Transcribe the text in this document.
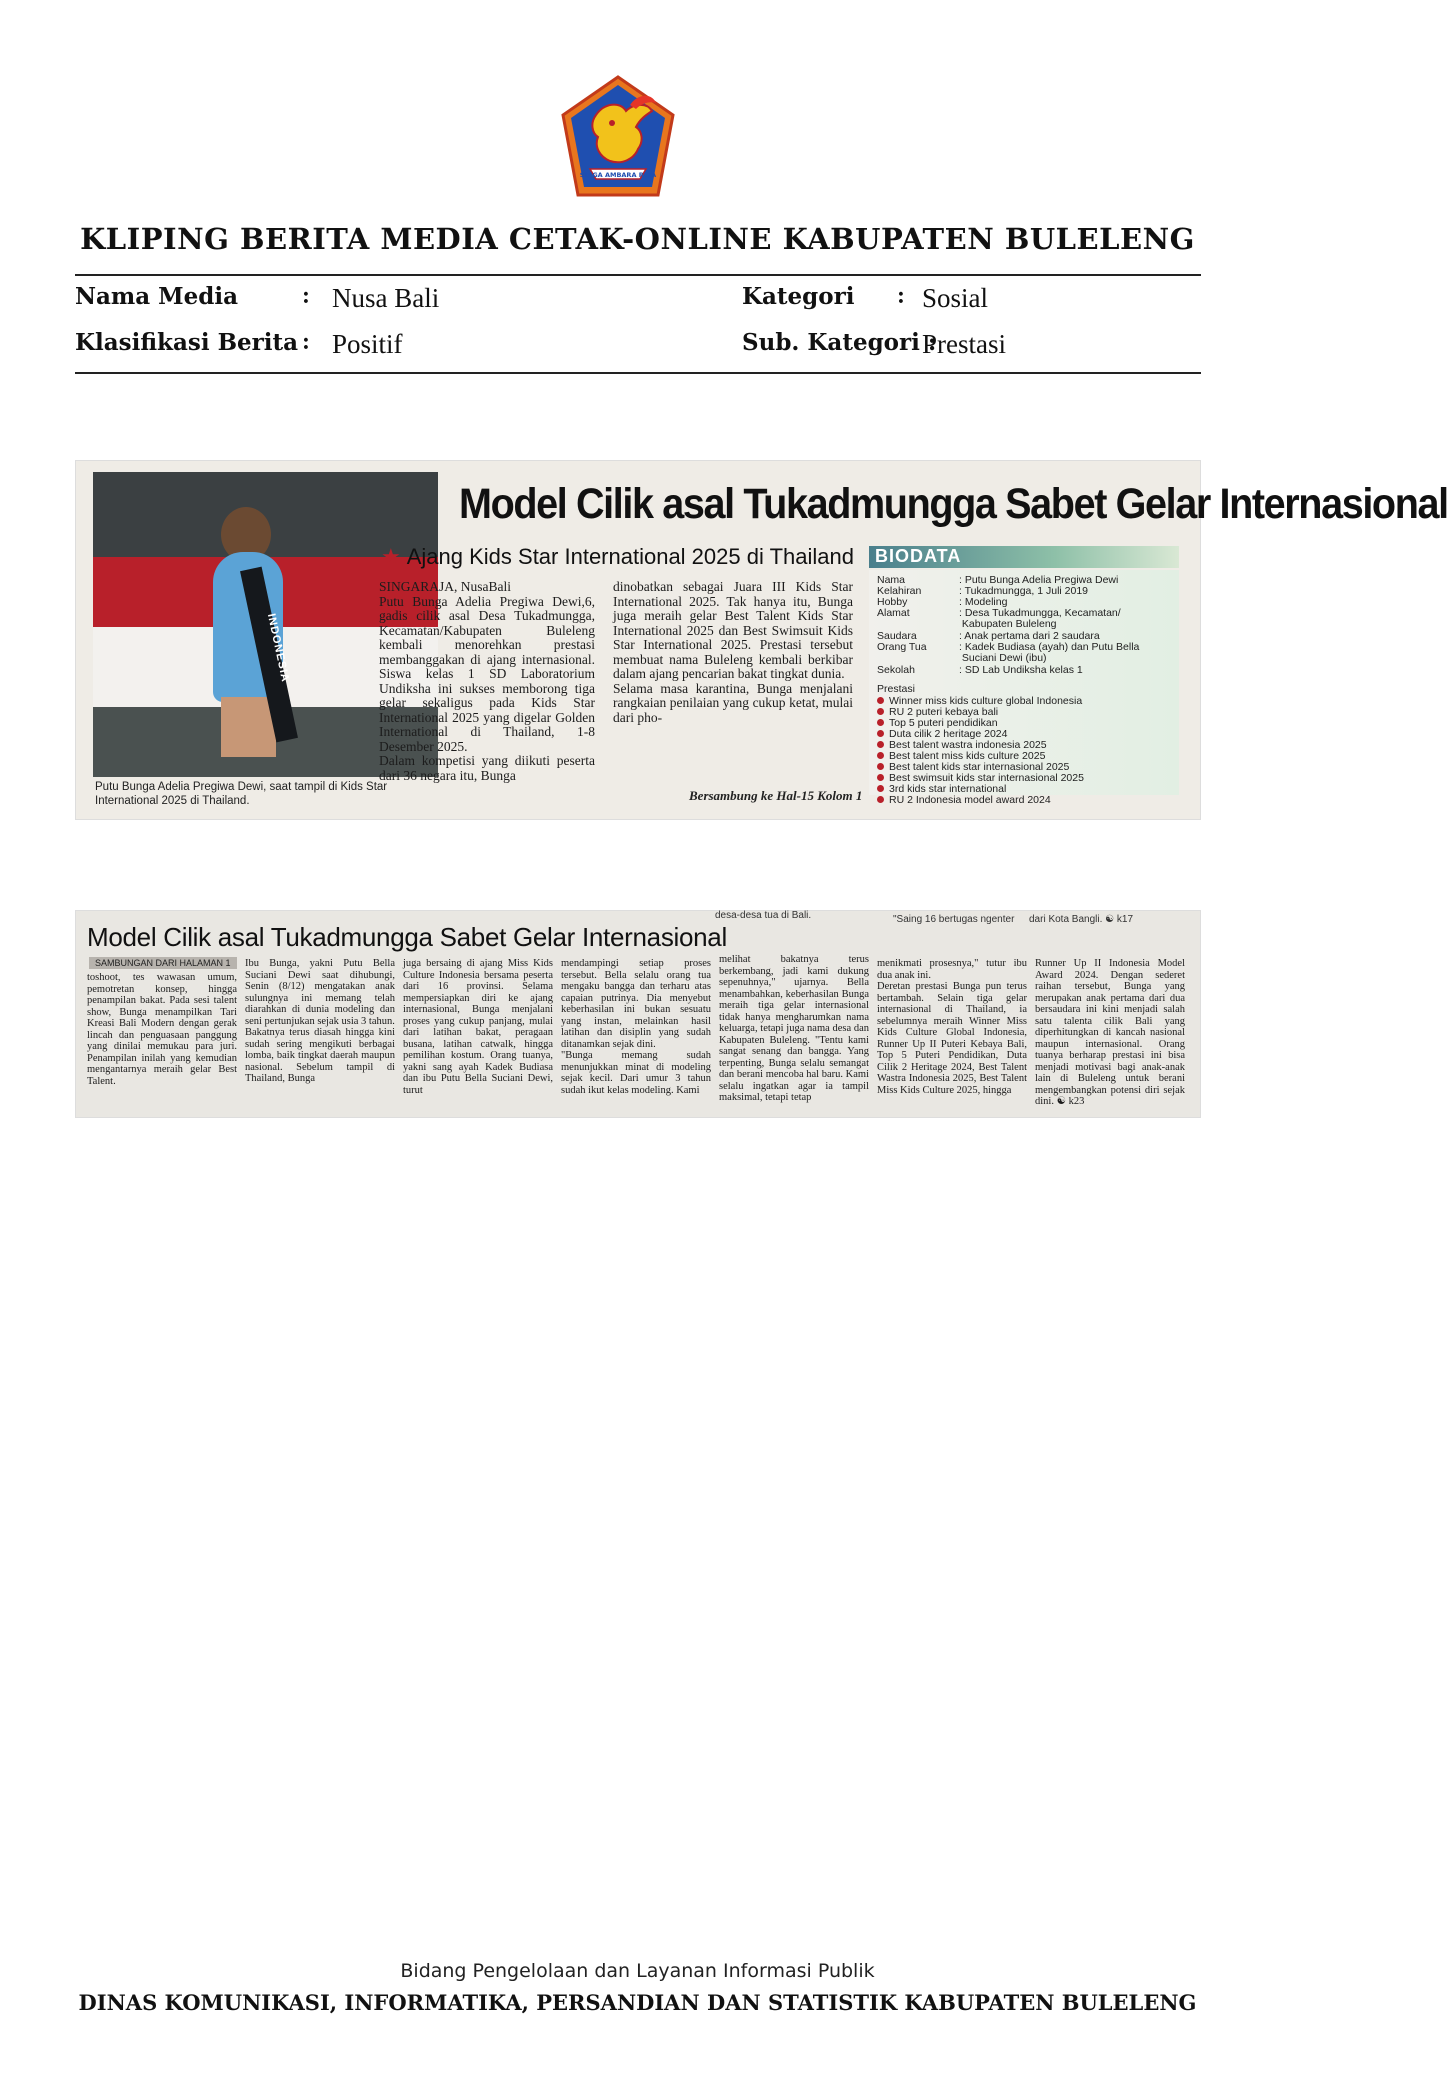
SINGA AMBARA RAJA
KLIPING BERITA MEDIA CETAK-ONLINE KABUPATEN BULELENG
Nama Media	: Nusa Bali
Klasifikasi Berita : Positif
Kategori : Sosial
Sub. Kategori :
Prestasi
INDONESIA
Putu Bunga Adelia Pregiwa Dewi, saat tampil di Kids Star International 2025 di Thailand.
Model Cilik asal Tukadmungga Sabet Gelar Internasional
★ Ajang Kids Star International 2025 di Thailand
SINGARAJA, NusaBali
Putu Bunga Adelia Pregiwa Dewi,6, gadis cilik asal Desa Tukadmungga, Kecamatan/Kabupaten Buleleng kembali menorehkan prestasi membanggakan di ajang internasional. Siswa kelas 1 SD Laboratorium Undiksha ini sukses memborong tiga gelar sekaligus pada Kids Star International 2025 yang digelar Golden International di Thailand, 1-8 Desember 2025.
Dalam kompetisi yang diikuti peserta dari 36 negara itu, Bunga
dinobatkan sebagai Juara III Kids Star International 2025. Tak hanya itu, Bunga juga meraih gelar Best Talent Kids Star International 2025 dan Best Swimsuit Kids Star International 2025. Prestasi tersebut membuat nama Buleleng kembali berkibar dalam ajang pencarian bakat tingkat dunia.
Selama masa karantina, Bunga menjalani rangkaian penilaian yang cukup ketat, mulai dari pho-
Bersambung ke Hal-15 Kolom 1
BIODATA
Nama	: Putu Bunga Adelia Pregiwa Dewi
Kelahiran	: Tukadmungga, 1 Juli 2019
Hobby	: Modeling
Alamat	: Desa Tukadmungga, Kecamatan/
Kabupaten Buleleng
Saudara	: Anak pertama dari 2 saudara
Orang Tua	: Kadek Budiasa (ayah) dan Putu Bella
Suciani Dewi (ibu)
Sekolah	: SD Lab Undiksha kelas 1
Prestasi
Winner miss kids culture global Indonesia
RU 2 puteri kebaya bali
Top 5 puteri pendidikan
Duta cilik 2 heritage 2024
Best talent wastra indonesia 2025
Best talent miss kids culture 2025
Best talent kids star internasional 2025
Best swimsuit kids star internasional 2025
3rd kids star international
RU 2 Indonesia model award 2024
desa-desa tua di Bali.	"Saing 16 bertugas ngenter dari Kota Bangli. ☯ k17
Model Cilik asal Tukadmungga Sabet Gelar Internasional
SAMBUNGAN DARI HALAMAN 1
toshoot, tes wawasan umum, pemotretan konsep, hingga penampilan bakat. Pada sesi talent show, Bunga menampilkan Tari Kreasi Bali Modern dengan gerak lincah dan penguasaan panggung yang dinilai memukau para juri. Penampilan inilah yang kemudian mengantarnya meraih gelar Best Talent.
Ibu Bunga, yakni Putu Bella Suciani Dewi saat dihubungi, Senin (8/12) mengatakan anak sulungnya ini memang telah diarahkan di dunia modeling dan seni pertunjukan sejak usia 3 tahun.
Bakatnya terus diasah hingga kini sudah sering mengikuti berbagai lomba, baik tingkat daerah maupun nasional. Sebelum tampil di Thailand, Bunga
juga bersaing di ajang Miss Kids Culture Indonesia bersama peserta dari 16 provinsi. Selama mempersiapkan diri ke ajang internasional, Bunga menjalani proses yang cukup panjang, mulai dari latihan bakat, peragaan busana, latihan catwalk, hingga pemilihan kostum. Orang tuanya, yakni sang ayah Kadek Budiasa dan ibu Putu Bella Suciani Dewi, turut
mendampingi setiap proses tersebut. Bella selalu orang tua mengaku bangga dan terharu atas capaian putrinya. Dia menyebut keberhasilan ini bukan sesuatu yang instan, melainkan hasil latihan dan disiplin yang sudah ditanamkan sejak dini.
"Bunga memang sudah menunjukkan minat di modeling sejak kecil. Dari umur 3 tahun sudah ikut kelas modeling. Kami
melihat bakatnya terus berkembang, jadi kami dukung sepenuhnya," ujarnya. Bella menambahkan, keberhasilan Bunga meraih tiga gelar internasional tidak hanya mengharumkan nama keluarga, tetapi juga nama desa dan Kabupaten Buleleng. "Tentu kami sangat senang dan bangga. Yang terpenting, Bunga selalu semangat dan berani mencoba hal baru. Kami selalu ingatkan agar ia tampil maksimal, tetapi tetap
menikmati prosesnya," tutur ibu dua anak ini.
Deretan prestasi Bunga pun terus bertambah. Selain tiga gelar internasional di Thailand, ia sebelumnya meraih Winner Miss Kids Culture Global Indonesia, Runner Up II Puteri Kebaya Bali, Top 5 Puteri Pendidikan, Duta Cilik 2 Heritage 2024, Best Talent Wastra Indonesia 2025, Best Talent Miss Kids Culture 2025, hingga
Runner Up II Indonesia Model Award 2024. Dengan sederet raihan tersebut, Bunga yang merupakan anak pertama dari dua bersaudara ini kini menjadi salah satu talenta cilik Bali yang diperhitungkan di kancah nasional maupun internasional. Orang tuanya berharap prestasi ini bisa menjadi motivasi bagi anak-anak lain di Buleleng untuk berani mengembangkan potensi diri sejak dini. ☯ k23
Bidang Pengelolaan dan Layanan Informasi Publik
DINAS KOMUNIKASI, INFORMATIKA, PERSANDIAN DAN STATISTIK KABUPATEN BULELENG
